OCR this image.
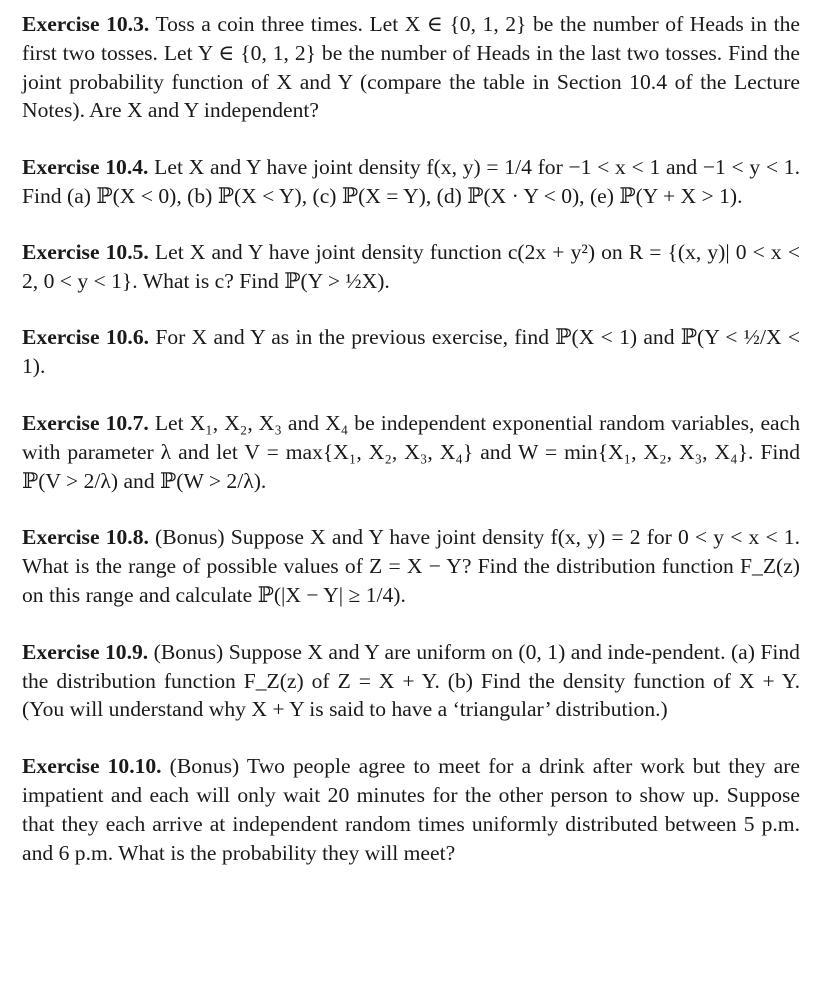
Exercise 10.3. Toss a coin three times. Let X ∈ {0, 1, 2} be the number of Heads in the first two tosses. Let Y ∈ {0, 1, 2} be the number of Heads in the last two tosses. Find the joint probability function of X and Y (compare the table in Section 10.4 of the Lecture Notes). Are X and Y independent?

Exercise 10.4. Let X and Y have joint density f(x, y) = 1/4 for −1 < x < 1 and −1 < y < 1. Find (a) ℙ(X < 0), (b) ℙ(X < Y), (c) ℙ(X = Y), (d) ℙ(X · Y < 0), (e) ℙ(Y + X > 1).

Exercise 10.5. Let X and Y have joint density function c(2x + y²) on R = {(x, y)| 0 < x < 2, 0 < y < 1}. What is c? Find ℙ(Y > ½X).

Exercise 10.6. For X and Y as in the previous exercise, find ℙ(X < 1) and ℙ(Y < ½/X < 1).

Exercise 10.7. Let X₁, X₂, X₃ and X₄ be independent exponential random variables, each with parameter λ and let V = max{X₁, X₂, X₃, X₄} and W = min{X₁, X₂, X₃, X₄}. Find ℙ(V > 2/λ) and ℙ(W > 2/λ).

Exercise 10.8. (Bonus) Suppose X and Y have joint density f(x, y) = 2 for 0 < y < x < 1. What is the range of possible values of Z = X − Y? Find the distribution function F_Z(z) on this range and calculate ℙ(|X − Y| ≥ 1/4).

Exercise 10.9. (Bonus) Suppose X and Y are uniform on (0, 1) and inde-pendent. (a) Find the distribution function F_Z(z) of Z = X + Y. (b) Find the density function of X + Y. (You will understand why X + Y is said to have a ‘triangular’ distribution.)

Exercise 10.10. (Bonus) Two people agree to meet for a drink after work but they are impatient and each will only wait 20 minutes for the other person to show up. Suppose that they each arrive at independent random times uniformly distributed between 5 p.m. and 6 p.m. What is the probability they will meet?
